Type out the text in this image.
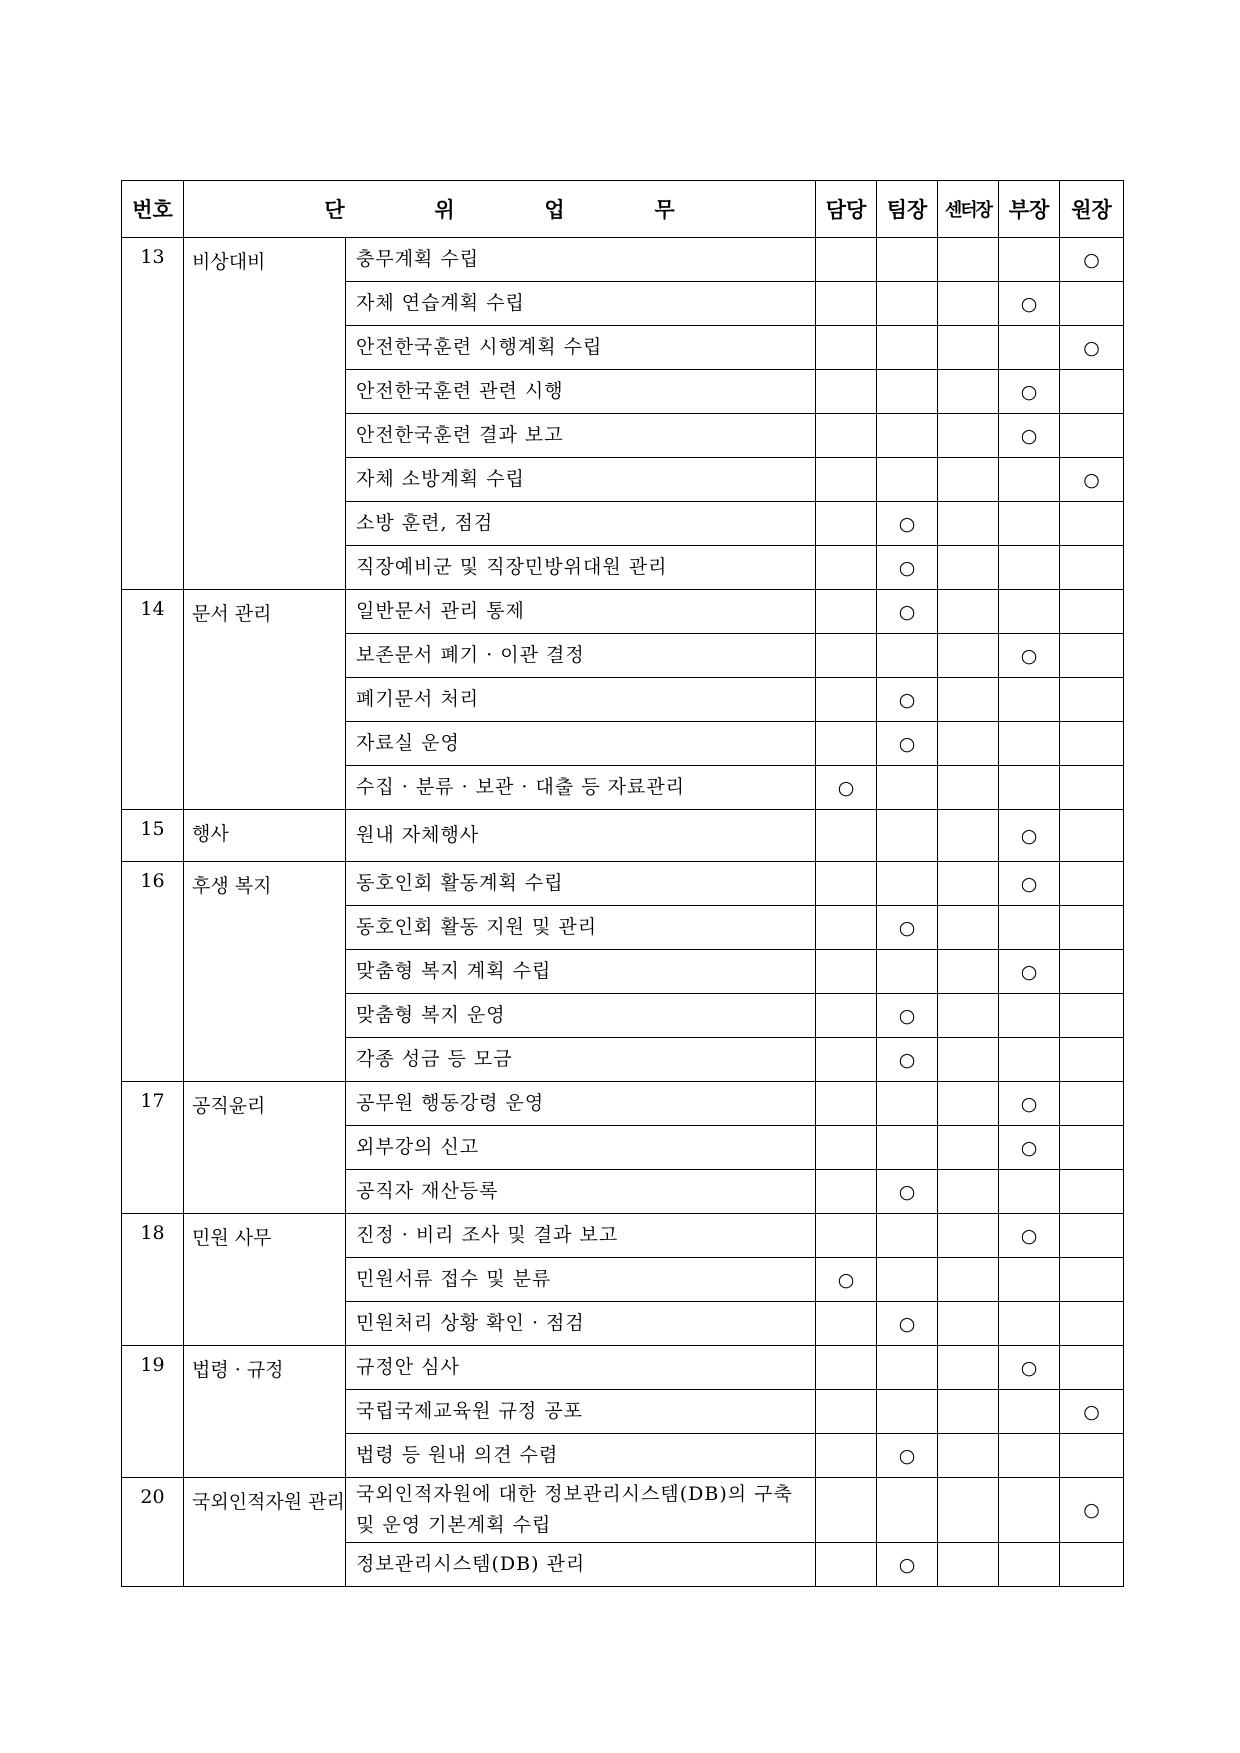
번호	단 위 업 무		담당	팀장	센터장	부장	원장
13	비상대비	충무계획 수립					○
		자체 연습계획 수립				○	
		안전한국훈련 시행계획 수립					○
		안전한국훈련 관련 시행				○	
		안전한국훈련 결과 보고				○	
		자체 소방계획 수립					○
		소방 훈련, 점검		○			
		직장예비군 및 직장민방위대원 관리		○			
14	문서 관리	일반문서 관리 통제		○			
		보존문서 폐기 · 이관 결정				○	
		폐기문서 처리		○			
		자료실 운영		○			
		수집 · 분류 · 보관 · 대출 등 자료관리	○				
15	행사	원내 자체행사				○	
16	후생 복지	동호인회 활동계획 수립				○	
		동호인회 활동 지원 및 관리		○			
		맞춤형 복지 계획 수립				○	
		맞춤형 복지 운영		○			
		각종 성금 등 모금		○			
17	공직윤리	공무원 행동강령 운영				○	
		외부강의 신고				○	
		공직자 재산등록		○			
18	민원 사무	진정 · 비리 조사 및 결과 보고				○	
		민원서류 접수 및 분류	○				
		민원처리 상황 확인 · 점검		○			
19	법령 · 규정	규정안 심사				○	
		국립국제교육원 규정 공포					○
		법령 등 원내 의견 수렴		○			
20	국외인적자원 관리	국외인적자원에 대한 정보관리시스템(DB)의 구축 및 운영 기본계획 수립					○
		정보관리시스템(DB) 관리		○			
